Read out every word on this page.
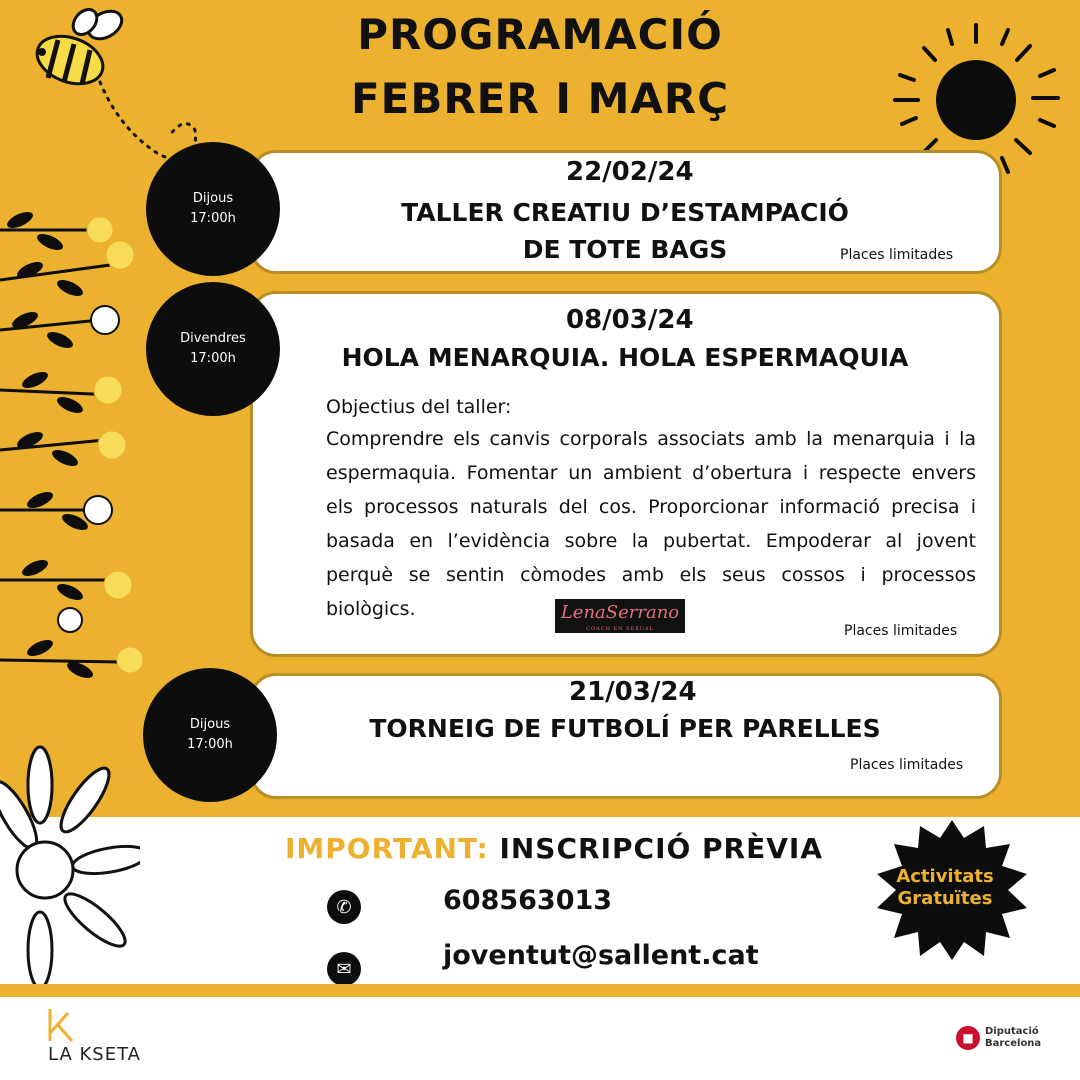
PROGRAMACIÓ
FEBRER I MARÇ
Dijous
17:00h
22/02/24
TALLER CREATIU D’ESTAMPACIÓ
DE TOTE BAGS	Places limitades
Divendres
17:00h
08/03/24
HOLA MENARQUIA. HOLA ESPERMAQUIA
Objectius del taller:
Comprendre els canvis corporals associats amb la menarquia i la espermaquia. Fomentar un ambient d’obertura i respecte envers els processos naturals del cos. Proporcionar informació precisa i basada en l’evidència sobre la pubertat. Empoderar al jovent perquè se sentin còmodes amb els seus cossos i processos biològics.	LenaSerrano
COACH EN SEXUAL	Places limitades
Dijous
17:00h
21/03/24
TORNEIG DE FUTBOLÍ PER PARELLES
Places limitades
IMPORTANT: INSCRIPCIÓ PRÈVIA
✆	608563013
✉	joventut@sallent.cat
Activitats
Gratuïtes
LA KSETA
■	Diputació
Barcelona
